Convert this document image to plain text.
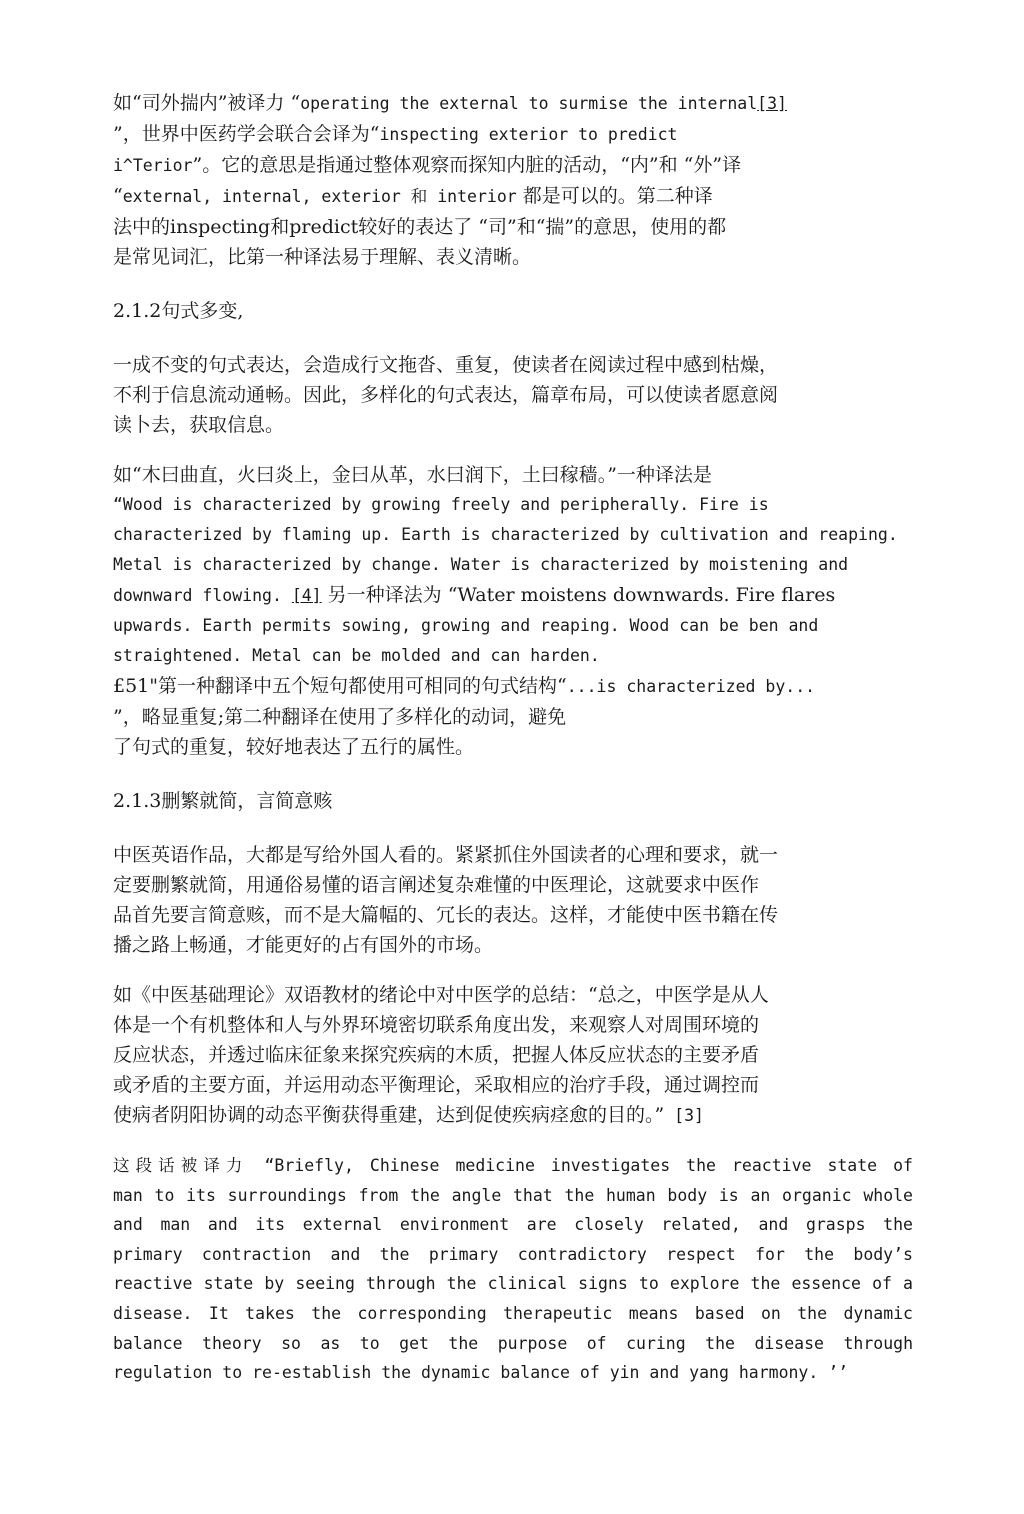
如“司外揣内”被译力 “operating the external to surmise the internal[3]
”，世界中医药学会联合会译为“inspecting exterior to predict
i^Terior”。它的意思是指通过整体观察而探知内脏的活动，“内”和 “外”译
“external, internal, exterior 和 interior 都是可以的。第二种译
法中的inspecting和predict较好的表达了 “司”和“揣”的意思，使用的都
是常见词汇，比第一种译法易于理解、表义清晰。
2.1.2句式多变,
一成不变的句式表达，会造成行文拖沓、重复，使读者在阅读过程中感到枯燥，
不利于信息流动通畅。因此，多样化的句式表达，篇章布局，可以使读者愿意阅
读卜去，获取信息。
如“木曰曲直，火曰炎上，金曰从革，水曰润下，土曰稼穑。”一种译法是
“Wood is characterized by growing freely and peripherally. Fire is
characterized by flaming up. Earth is characterized by cultivation and reaping.
Metal is characterized by change. Water is characterized by moistening and
downward flowing. [4] 另一种译法为 “Water moistens downwards. Fire flares
upwards. Earth permits sowing, growing and reaping. Wood can be ben and
straightened. Metal can be molded and can harden.
£51"第一种翻译中五个短句都使用可相同的句式结构“...is characterized by...
”，略显重复;第二种翻译在使用了多样化的动词，避免
了句式的重复，较好地表达了五行的属性。
2.1.3删繁就简，言简意赅
中医英语作品，大都是写给外国人看的。紧紧抓住外国读者的心理和要求，就一
定要删繁就简，用通俗易懂的语言阐述复杂难懂的中医理论，这就要求中医作
品首先要言简意赅，而不是大篇幅的、冗长的表达。这样，才能使中医书籍在传
播之路上畅通，才能更好的占有国外的市场。
如《中医基础理论》双语教材的绪论中对中医学的总结：“总之，中医学是从人
体是一个有机整体和人与外界环境密切联系角度出发，来观察人对周围环境的
反应状态，并透过临床征象来探究疾病的木质，把握人体反应状态的主要矛盾
或矛盾的主要方面，并运用动态平衡理论，采取相应的治疗手段，通过调控而
使病者阴阳协调的动态平衡获得重建，达到促使疾病痉愈的目的。” [3]
这段话被译力 “Briefly, Chinese medicine investigates the reactive state of
man to its surroundings from the angle that the human body is an organic whole
and man and its external environment are closely related, and grasps the
primary contraction and the primary contradictory respect for the body’s
reactive state by seeing through the clinical signs to explore the essence of a
disease. It takes the corresponding therapeutic means based on the dynamic
balance theory so as to get the purpose of curing the disease through
regulation to re-establish the dynamic balance of yin and yang harmony. ’’
